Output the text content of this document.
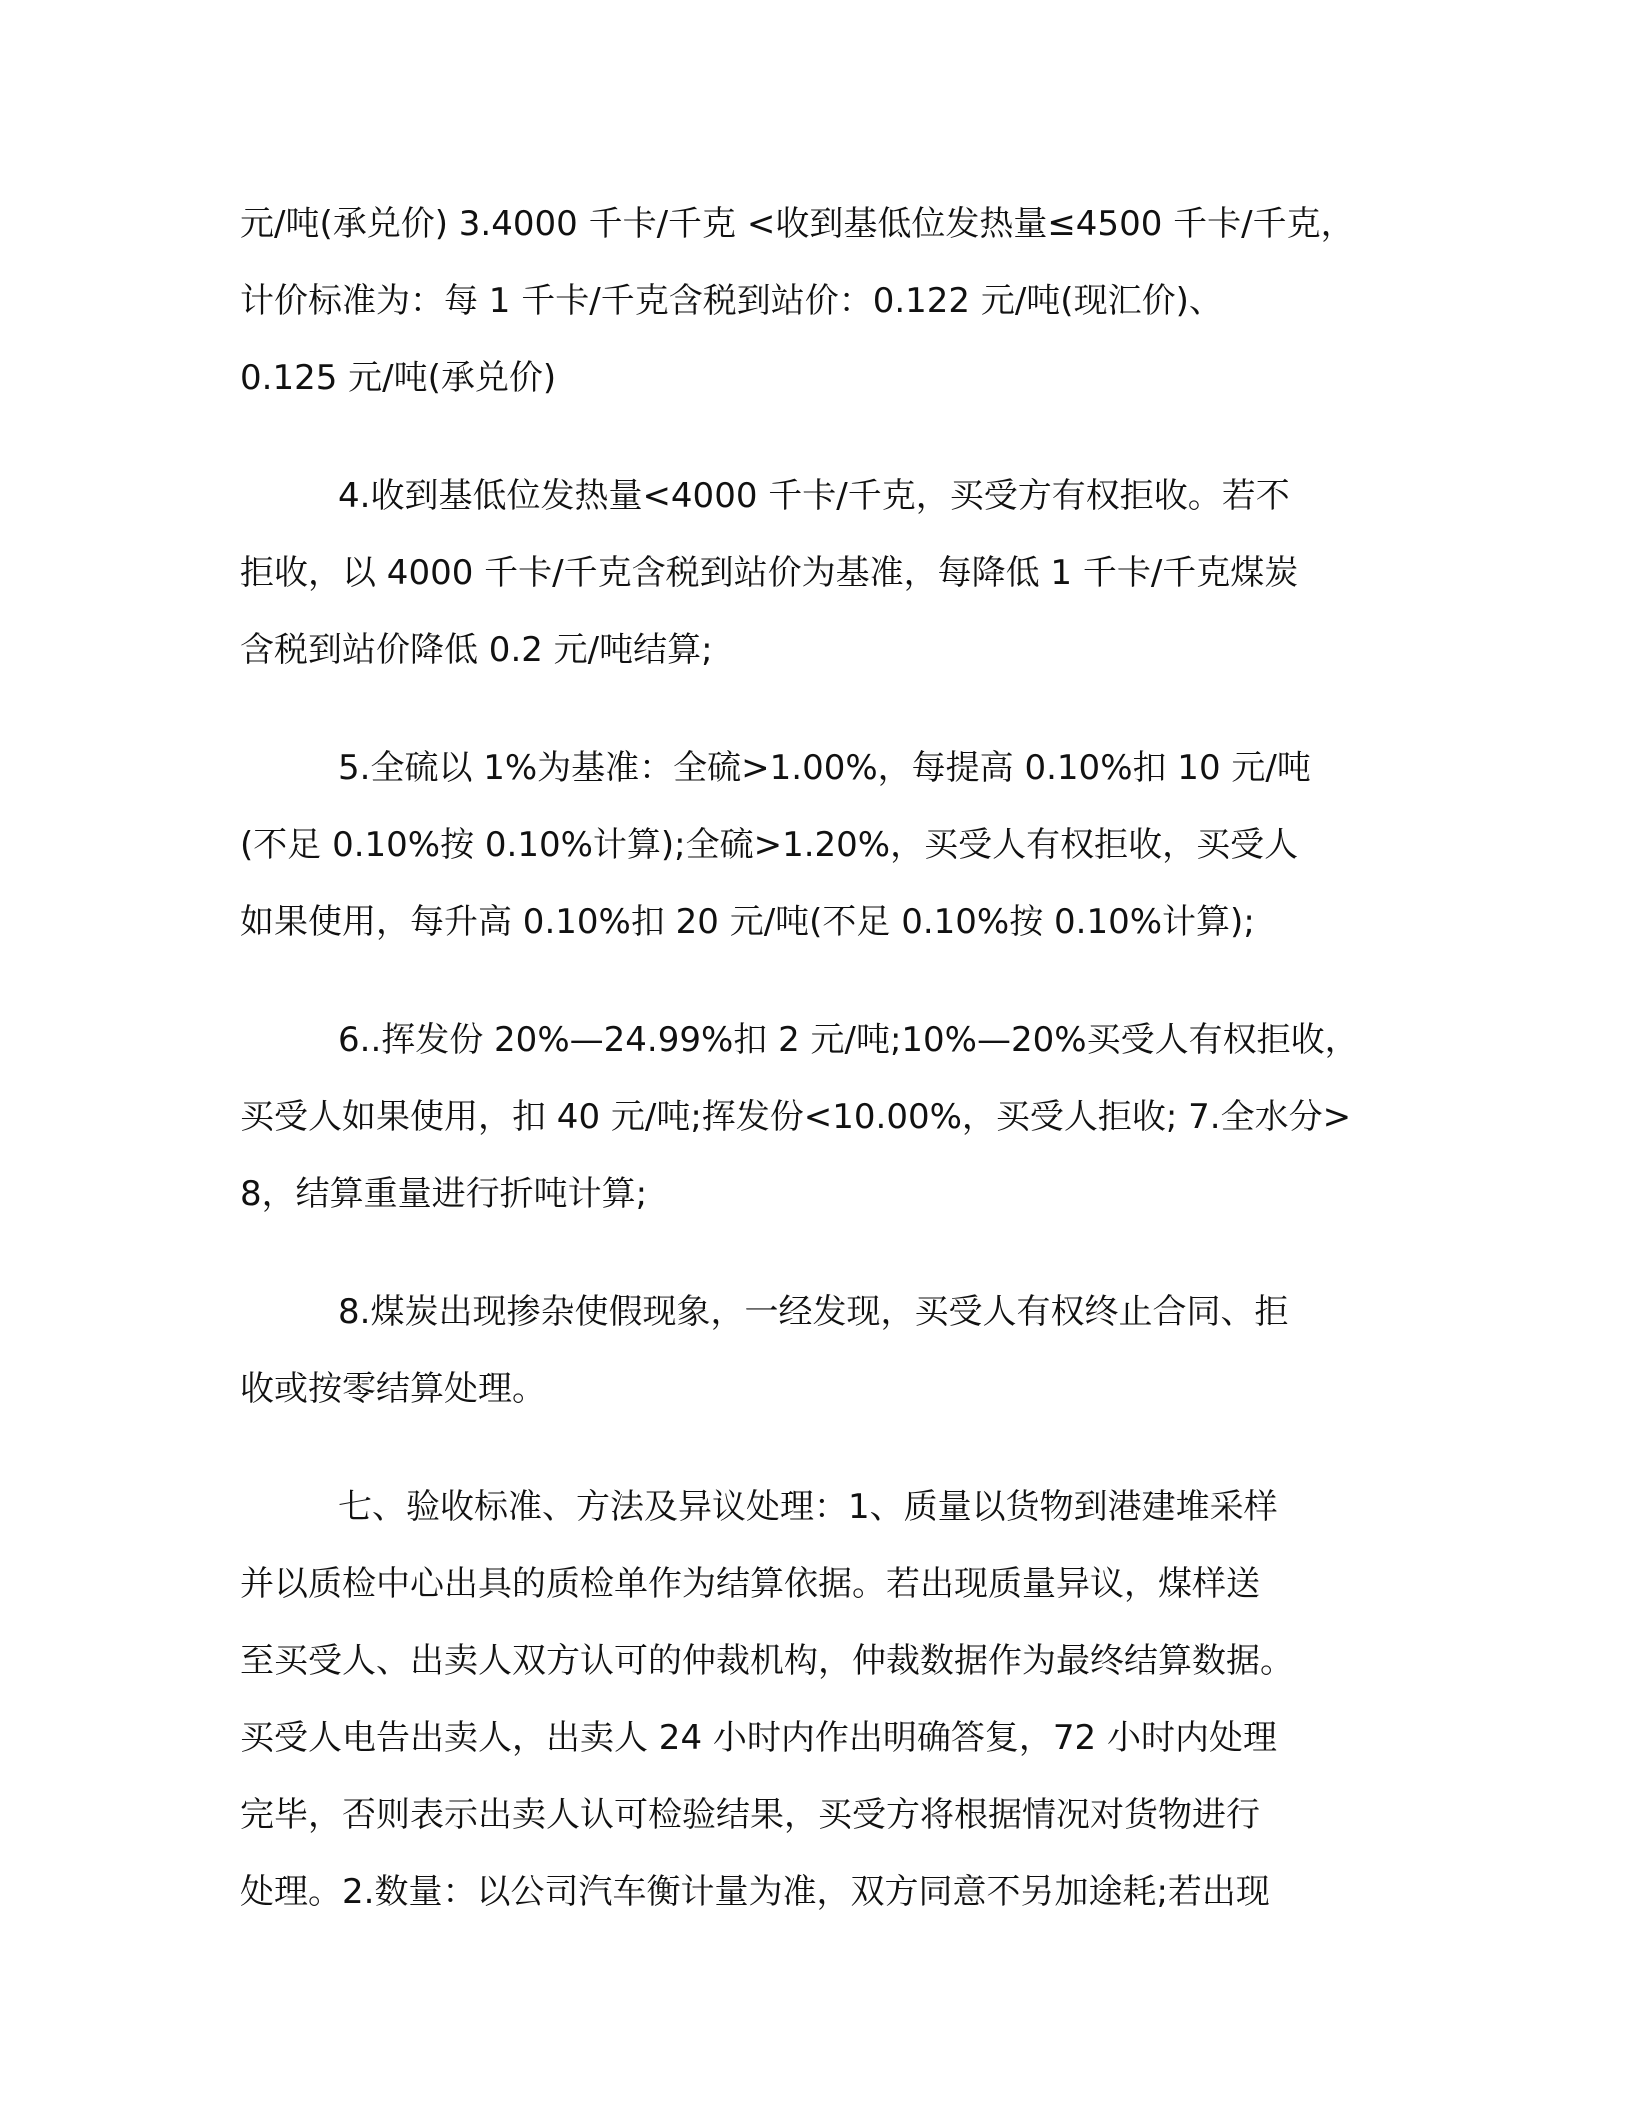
元/吨(承兑价) 3.4000 千卡/千克 <收到基低位发热量≤4500 千卡/千克，
计价标准为：每 1 千卡/千克含税到站价：0.122 元/吨(现汇价)、
0.125 元/吨(承兑价)
4.收到基低位发热量<4000 千卡/千克，买受方有权拒收。若不
拒收，以 4000 千卡/千克含税到站价为基准，每降低 1 千卡/千克煤炭
含税到站价降低 0.2 元/吨结算;
5.全硫以 1%为基准：全硫>1.00%，每提高 0.10%扣 10 元/吨
(不足 0.10%按 0.10%计算);全硫>1.20%，买受人有权拒收，买受人
如果使用，每升高 0.10%扣 20 元/吨(不足 0.10%按 0.10%计算);
6..挥发份 20%—24.99%扣 2 元/吨;10%—20%买受人有权拒收，
买受人如果使用，扣 40 元/吨;挥发份<10.00%，买受人拒收; 7.全水分>
8，结算重量进行折吨计算;
8.煤炭出现掺杂使假现象，一经发现，买受人有权终止合同、拒
收或按零结算处理。
七、验收标准、方法及异议处理：1、质量以货物到港建堆采样
并以质检中心出具的质检单作为结算依据。若出现质量异议，煤样送
至买受人、出卖人双方认可的仲裁机构，仲裁数据作为最终结算数据。
买受人电告出卖人，出卖人 24 小时内作出明确答复，72 小时内处理
完毕，否则表示出卖人认可检验结果，买受方将根据情况对货物进行
处理。2.数量：以公司汽车衡计量为准，双方同意不另加途耗;若出现
